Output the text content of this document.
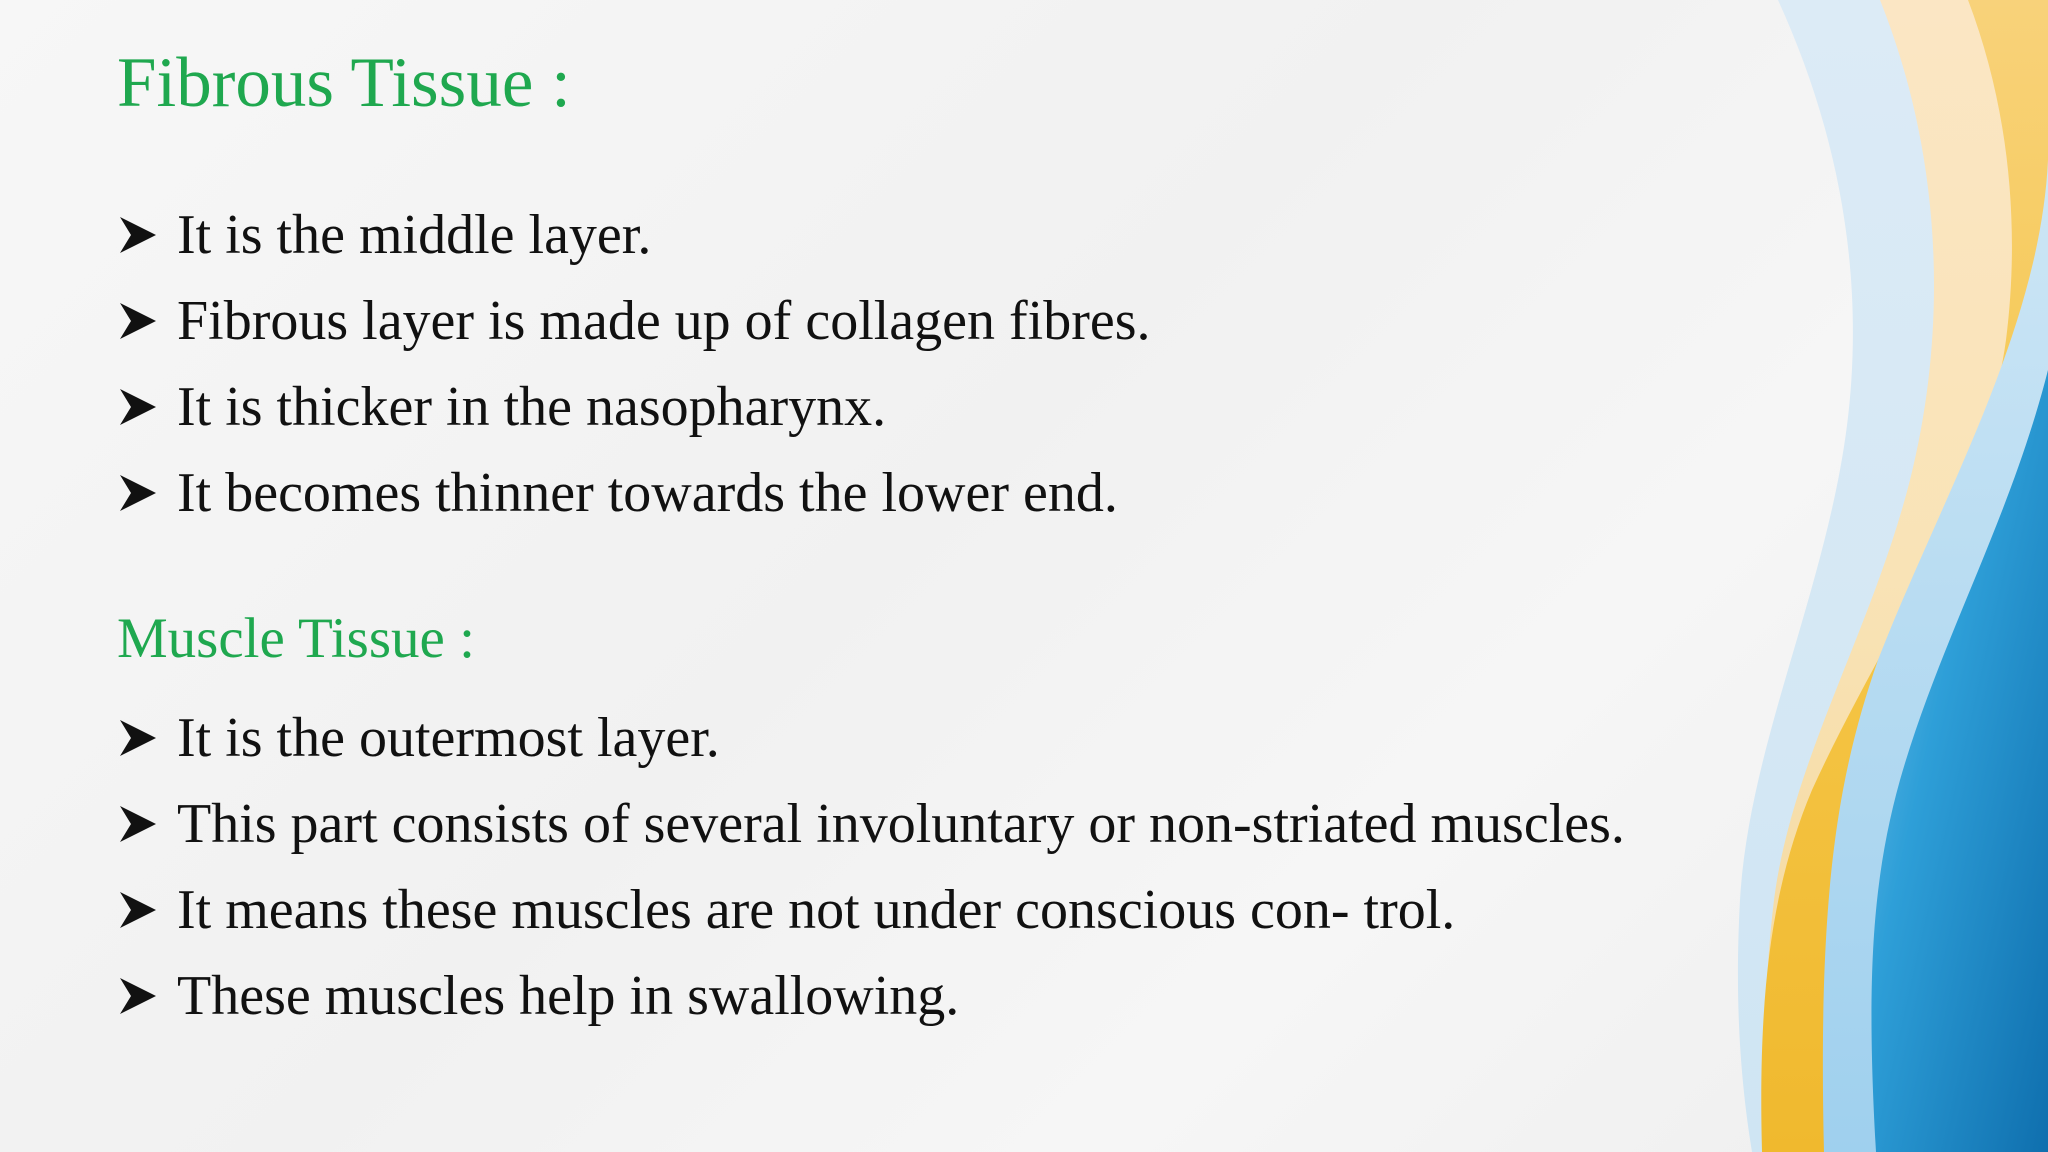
Fibrous Tissue :
It is the middle layer.
Fibrous layer is made up of collagen fibres.
It is thicker in the nasopharynx.
It becomes thinner towards the lower end.
Muscle Tissue :
It is the outermost layer.
This part consists of several involuntary or non-striated muscles.
It means these muscles are not under conscious con- trol.
These muscles help in swallowing.
